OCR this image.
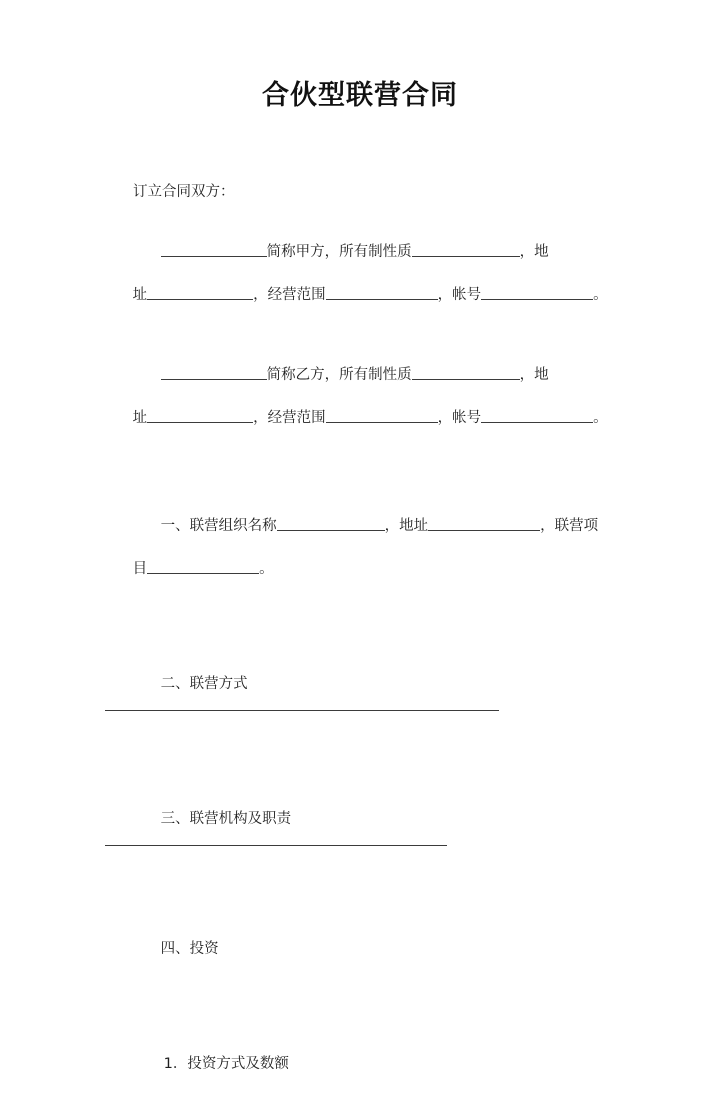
合伙型联营合同
订立合同双方：

简称甲方，所有制性质	，地

址	，经营范围	，帐号	。

简称乙方，所有制性质	，地

址	，经营范围	，帐号	。

一、联营组织名称	，地址	，联营项

目	。

二、联营方式

三、联营机构及职责

四、投资

1．投资方式及数额
